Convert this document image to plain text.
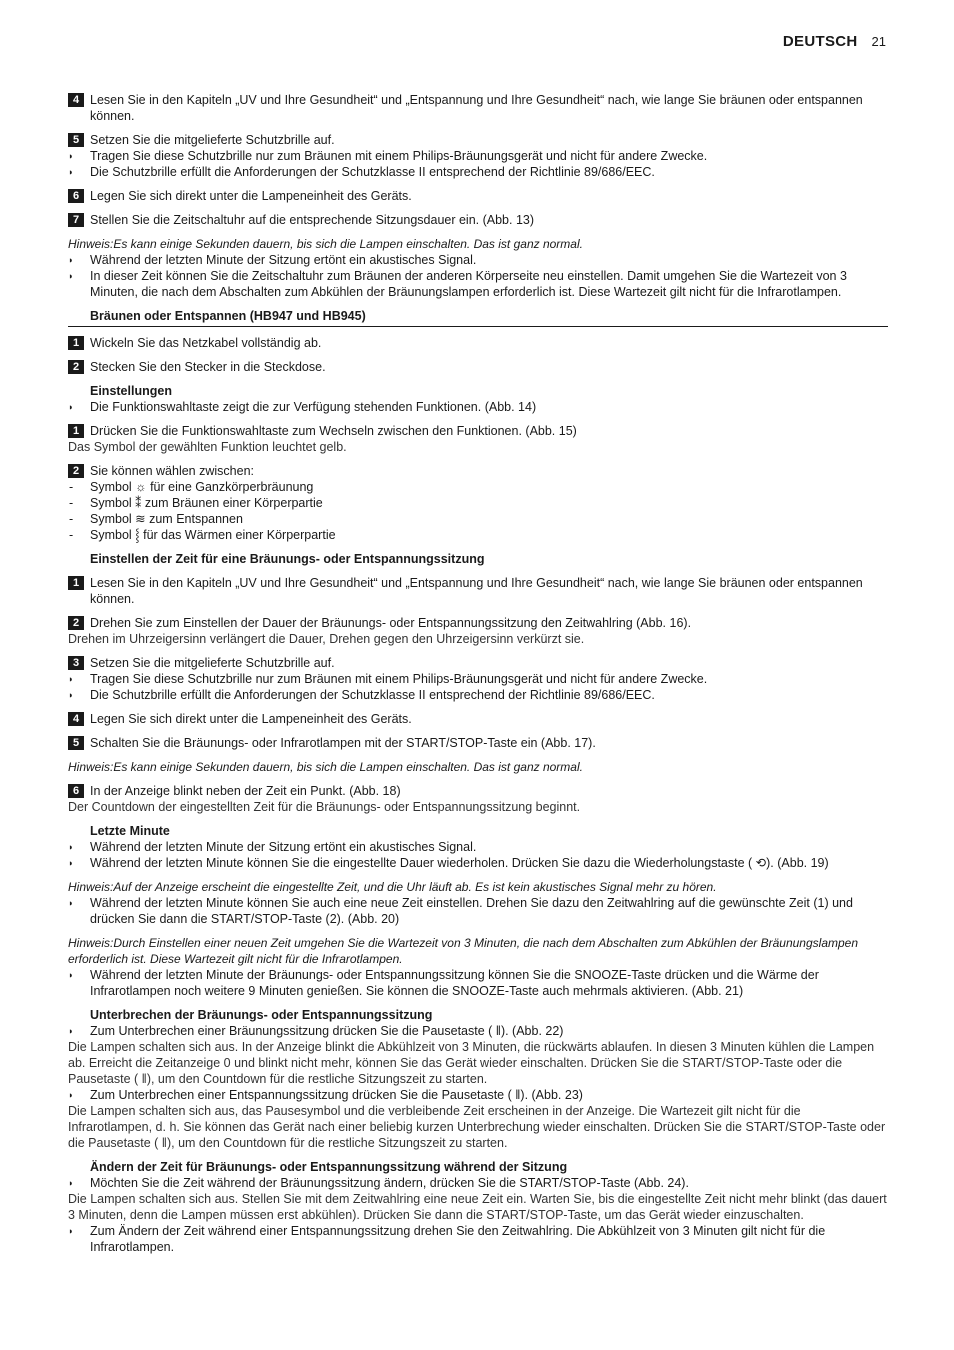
DEUTSCH 21
4 Lesen Sie in den Kapiteln „UV und Ihre Gesundheit“ und „Entspannung und Ihre Gesundheit“ nach, wie lange Sie bräunen oder entspannen können.
5 Setzen Sie die mitgelieferte Schutzbrille auf.
◗ Tragen Sie diese Schutzbrille nur zum Bräunen mit einem Philips-Bräunungsgerät und nicht für andere Zwecke.
◗ Die Schutzbrille erfüllt die Anforderungen der Schutzklasse II entsprechend der Richtlinie 89/686/EEC.
6 Legen Sie sich direkt unter die Lampeneinheit des Geräts.
7 Stellen Sie die Zeitschaltuhr auf die entsprechende Sitzungsdauer ein. (Abb. 13)
Hinweis:Es kann einige Sekunden dauern, bis sich die Lampen einschalten. Das ist ganz normal.
◗ Während der letzten Minute der Sitzung ertönt ein akustisches Signal.
◗ In dieser Zeit können Sie die Zeitschaltuhr zum Bräunen der anderen Körperseite neu einstellen. Damit umgehen Sie die Wartezeit von 3 Minuten, die nach dem Abschalten zum Abkühlen der Bräunungslampen erforderlich ist. Diese Wartezeit gilt nicht für die Infrarotlampen.
Bräunen oder Entspannen (HB947 und HB945)
1 Wickeln Sie das Netzkabel vollständig ab.
2 Stecken Sie den Stecker in die Steckdose.
Einstellungen
◗ Die Funktionswahltaste zeigt die zur Verfügung stehenden Funktionen. (Abb. 14)
1 Drücken Sie die Funktionswahltaste zum Wechseln zwischen den Funktionen. (Abb. 15)
Das Symbol der gewählten Funktion leuchtet gelb.
2 Sie können wählen zwischen:
- Symbol ☼ für eine Ganzkörperbräunung
- Symbol ⁑ zum Bräunen einer Körperpartie
- Symbol ≋ zum Entspannen
- Symbol ⸾ für das Wärmen einer Körperpartie
Einstellen der Zeit für eine Bräunungs- oder Entspannungssitzung
1 Lesen Sie in den Kapiteln „UV und Ihre Gesundheit“ und „Entspannung und Ihre Gesundheit“ nach, wie lange Sie bräunen oder entspannen können.
2 Drehen Sie zum Einstellen der Dauer der Bräunungs- oder Entspannungssitzung den Zeitwahlring (Abb. 16).
Drehen im Uhrzeigersinn verlängert die Dauer, Drehen gegen den Uhrzeigersinn verkürzt sie.
3 Setzen Sie die mitgelieferte Schutzbrille auf.
◗ Tragen Sie diese Schutzbrille nur zum Bräunen mit einem Philips-Bräunungsgerät und nicht für andere Zwecke.
◗ Die Schutzbrille erfüllt die Anforderungen der Schutzklasse II entsprechend der Richtlinie 89/686/EEC.
4 Legen Sie sich direkt unter die Lampeneinheit des Geräts.
5 Schalten Sie die Bräunungs- oder Infrarotlampen mit der START/STOP-Taste ein (Abb. 17).
Hinweis:Es kann einige Sekunden dauern, bis sich die Lampen einschalten. Das ist ganz normal.
6 In der Anzeige blinkt neben der Zeit ein Punkt. (Abb. 18)
Der Countdown der eingestellten Zeit für die Bräunungs- oder Entspannungssitzung beginnt.
Letzte Minute
◗ Während der letzten Minute der Sitzung ertönt ein akustisches Signal.
◗ Während der letzten Minute können Sie die eingestellte Dauer wiederholen. Drücken Sie dazu die Wiederholungstaste ( ⟲). (Abb. 19)
Hinweis:Auf der Anzeige erscheint die eingestellte Zeit, und die Uhr läuft ab. Es ist kein akustisches Signal mehr zu hören.
◗ Während der letzten Minute können Sie auch eine neue Zeit einstellen. Drehen Sie dazu den Zeitwahlring auf die gewünschte Zeit (1) und drücken Sie dann die START/STOP-Taste (2). (Abb. 20)
Hinweis:Durch Einstellen einer neuen Zeit umgehen Sie die Wartezeit von 3 Minuten, die nach dem Abschalten zum Abkühlen der Bräunungslampen erforderlich ist. Diese Wartezeit gilt nicht für die Infrarotlampen.
◗ Während der letzten Minute der Bräunungs- oder Entspannungssitzung können Sie die SNOOZE-Taste drücken und die Wärme der Infrarotlampen noch weitere 9 Minuten genießen. Sie können die SNOOZE-Taste auch mehrmals aktivieren. (Abb. 21)
Unterbrechen der Bräunungs- oder Entspannungssitzung
◗ Zum Unterbrechen einer Bräunungssitzung drücken Sie die Pausetaste ( ǁ). (Abb. 22)
Die Lampen schalten sich aus. In der Anzeige blinkt die Abkühlzeit von 3 Minuten, die rückwärts ablaufen. In diesen 3 Minuten kühlen die Lampen ab. Erreicht die Zeitanzeige 0 und blinkt nicht mehr, können Sie das Gerät wieder einschalten. Drücken Sie die START/STOP-Taste oder die Pausetaste ( ǁ), um den Countdown für die restliche Sitzungszeit zu starten.
◗ Zum Unterbrechen einer Entspannungssitzung drücken Sie die Pausetaste ( ǁ). (Abb. 23)
Die Lampen schalten sich aus, das Pausesymbol und die verbleibende Zeit erscheinen in der Anzeige. Die Wartezeit gilt nicht für die Infrarotlampen, d. h. Sie können das Gerät nach einer beliebig kurzen Unterbrechung wieder einschalten. Drücken Sie die START/STOP-Taste oder die Pausetaste ( ǁ), um den Countdown für die restliche Sitzungszeit zu starten.
Ändern der Zeit für Bräunungs- oder Entspannungssitzung während der Sitzung
◗ Möchten Sie die Zeit während der Bräunungssitzung ändern, drücken Sie die START/STOP-Taste (Abb. 24).
Die Lampen schalten sich aus. Stellen Sie mit dem Zeitwahlring eine neue Zeit ein. Warten Sie, bis die eingestellte Zeit nicht mehr blinkt (das dauert 3 Minuten, denn die Lampen müssen erst abkühlen). Drücken Sie dann die START/STOP-Taste, um das Gerät wieder einzuschalten.
◗ Zum Ändern der Zeit während einer Entspannungssitzung drehen Sie den Zeitwahlring. Die Abkühlzeit von 3 Minuten gilt nicht für die Infrarotlampen.
